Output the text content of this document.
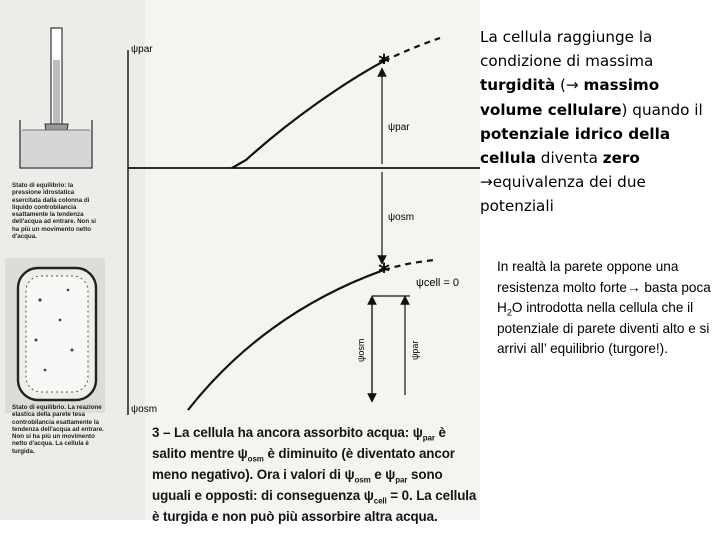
*
*
ψpar
ψpar
ψosm
ψosm
ψcell = 0
ψosm	ψpar
Stato di equilibrio: la pressione idrostatica esercitata dalla colonna di liquido controbilancia esattamente la tendenza dell'acqua ad entrare. Non si ha più un movimento netto d'acqua.
Stato di equilibrio. La reazione elastica della parete tesa controbilancia esattamente la tendenza dell'acqua ad entrare. Non si ha più un movimento netto d'acqua. La cellula è turgida.
3 – La cellula ha ancora assorbito acqua: $\psi_{par}$ è salito mentre $\psi_{osm}$ è diminuito (è diventato ancor meno negativo). Ora i valori di $\psi_{osm}$ e $\psi_{par}$ sono uguali e opposti: di conseguenza $\psi_{cell} = 0$. La cellula è turgida e non può più assorbire altra acqua.
La cellula raggiunge la condizione di massima turgidità (→ massimo volume cellulare) quando il potenziale idrico della cellula diventa zero →equivalenza dei due potenziali
In realtà la parete oppone una resistenza molto forte→ basta poca $H_2O$ introdotta nella cellula che il potenziale di parete diventi alto e si arrivi all’ equilibrio (turgore!).
